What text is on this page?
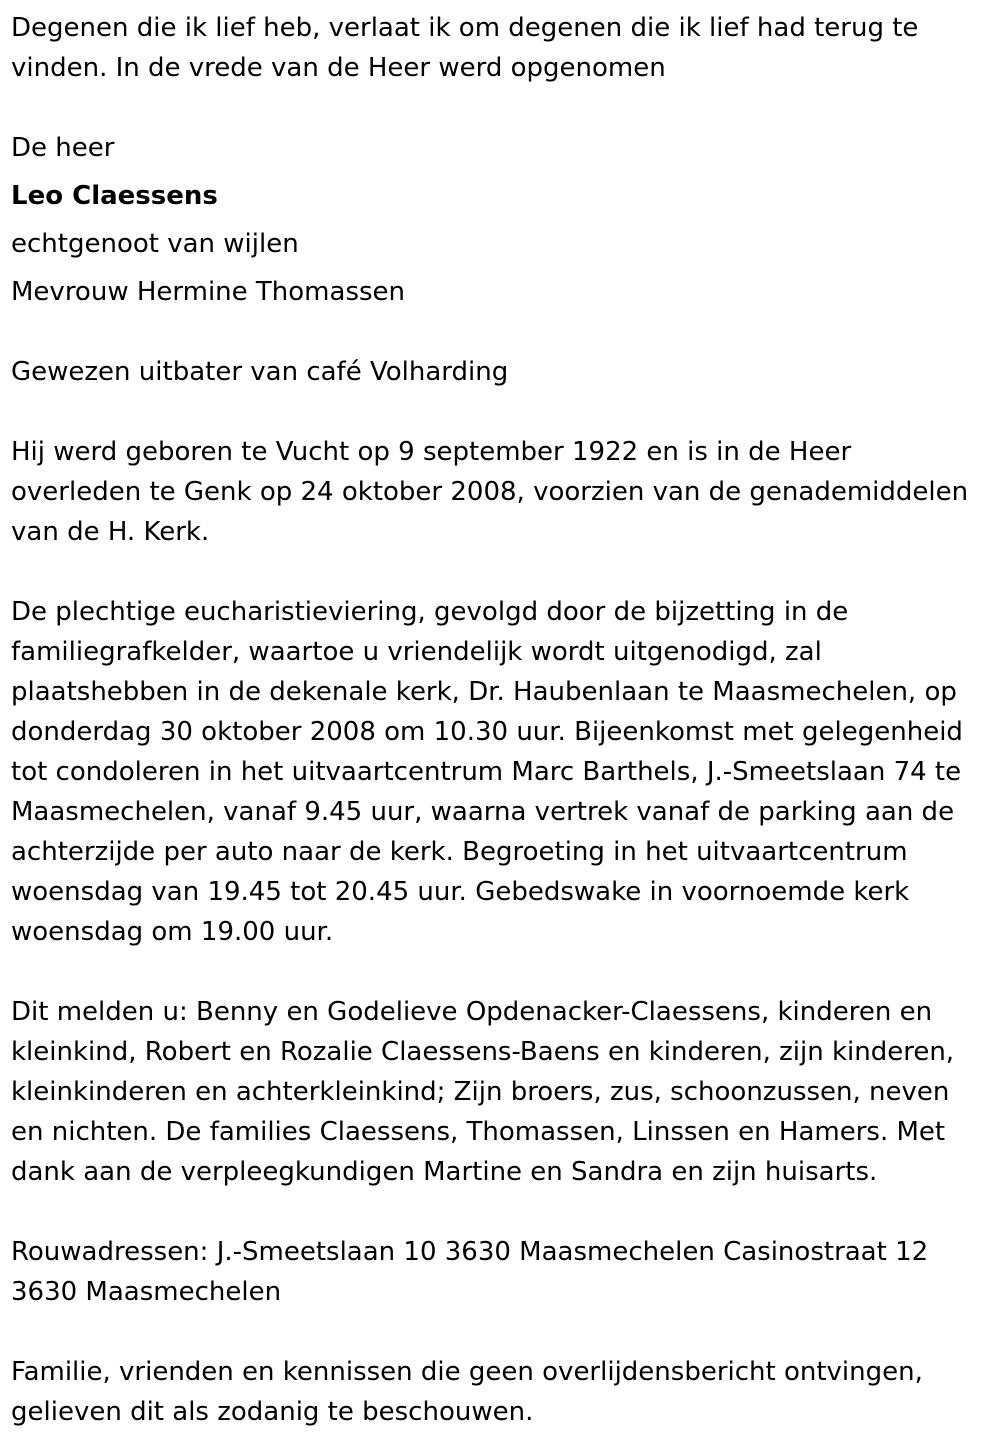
Degenen die ik lief heb, verlaat ik om degenen die ik lief had terug te vinden. In de vrede van de Heer werd opgenomen

De heer

Leo Claessens

echtgenoot van wijlen

Mevrouw Hermine Thomassen

Gewezen uitbater van café Volharding

Hij werd geboren te Vucht op 9 september 1922 en is in de Heer overleden te Genk op 24 oktober 2008, voorzien van de genademiddelen van de H. Kerk.

De plechtige eucharistieviering, gevolgd door de bijzetting in de familiegrafkelder, waartoe u vriendelijk wordt uitgenodigd, zal plaatshebben in de dekenale kerk, Dr. Haubenlaan te Maasmechelen, op donderdag 30 oktober 2008 om 10.30 uur. Bijeenkomst met gelegenheid tot condoleren in het uitvaartcentrum Marc Barthels, J.-Smeetslaan 74 te Maasmechelen, vanaf 9.45 uur, waarna vertrek vanaf de parking aan de achterzijde per auto naar de kerk. Begroeting in het uitvaartcentrum woensdag van 19.45 tot 20.45 uur. Gebedswake in voornoemde kerk woensdag om 19.00 uur.

Dit melden u: Benny en Godelieve Opdenacker-Claessens, kinderen en kleinkind, Robert en Rozalie Claessens-Baens en kinderen, zijn kinderen, kleinkinderen en achterkleinkind; Zijn broers, zus, schoonzussen, neven en nichten. De families Claessens, Thomassen, Linssen en Hamers. Met dank aan de verpleegkundigen Martine en Sandra en zijn huisarts.

Rouwadressen: J.-Smeetslaan 10 3630 Maasmechelen Casinostraat 12 3630 Maasmechelen

Familie, vrienden en kennissen die geen overlijdensbericht ontvingen, gelieven dit als zodanig te beschouwen.
